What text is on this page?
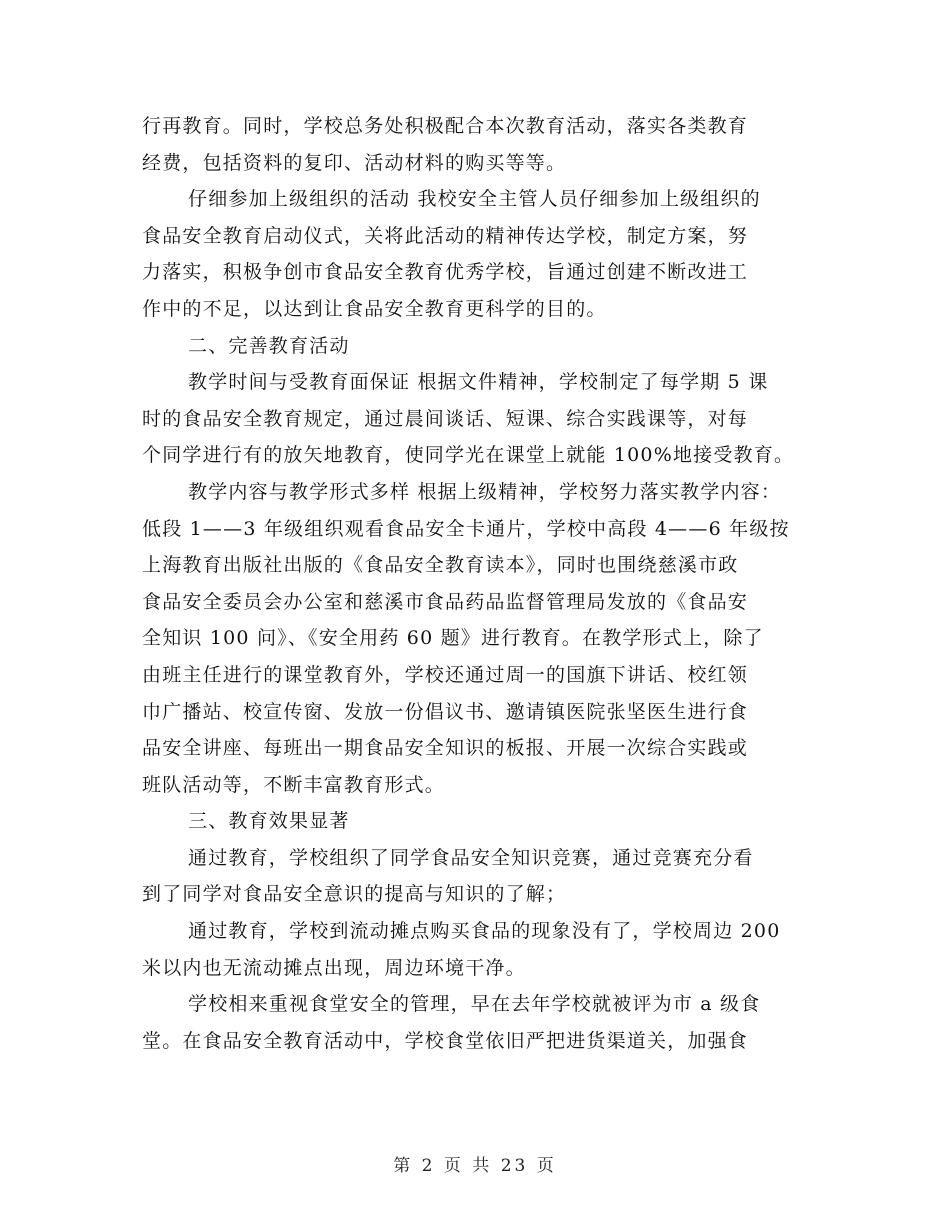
行再教育。同时，学校总务处积极配合本次教育活动，落实各类教育
经费，包括资料的复印、活动材料的购买等等。
仔细参加上级组织的活动 我校安全主管人员仔细参加上级组织的
食品安全教育启动仪式，关将此活动的精神传达学校，制定方案，努
力落实，积极争创市食品安全教育优秀学校，旨通过创建不断改进工
作中的不足，以达到让食品安全教育更科学的目的。
二、完善教育活动
教学时间与受教育面保证 根据文件精神，学校制定了每学期 5 课
时的食品安全教育规定，通过晨间谈话、短课、综合实践课等，对每
个同学进行有的放矢地教育，使同学光在课堂上就能 100%地接受教育。
教学内容与教学形式多样 根据上级精神，学校努力落实教学内容：
低段 1——3 年级组织观看食品安全卡通片，学校中高段 4——6 年级按
上海教育出版社出版的《食品安全教育读本》，同时也围绕慈溪市政
食品安全委员会办公室和慈溪市食品药品监督管理局发放的《食品安
全知识 100 问》、《安全用药 60 题》进行教育。在教学形式上，除了
由班主任进行的课堂教育外，学校还通过周一的国旗下讲话、校红领
巾广播站、校宣传窗、发放一份倡议书、邀请镇医院张坚医生进行食
品安全讲座、每班出一期食品安全知识的板报、开展一次综合实践或
班队活动等，不断丰富教育形式。
三、教育效果显著
通过教育，学校组织了同学食品安全知识竞赛，通过竞赛充分看
到了同学对食品安全意识的提高与知识的了解；
通过教育，学校到流动摊点购买食品的现象没有了，学校周边 200
米以内也无流动摊点出现，周边环境干净。
学校相来重视食堂安全的管理，早在去年学校就被评为市 a 级食
堂。在食品安全教育活动中，学校食堂依旧严把进货渠道关，加强食
第 2 页 共 23 页
